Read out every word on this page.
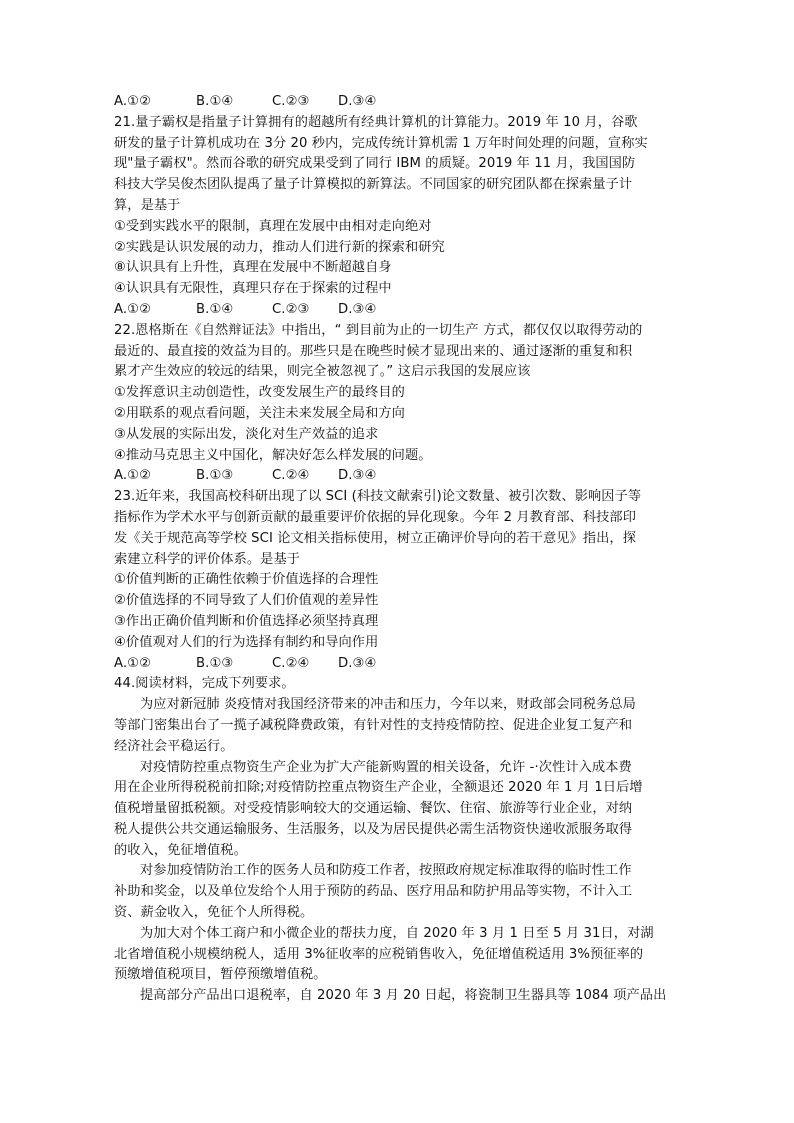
A.①②	B.①④	C.②③	D.③④
21.量子霸权是指量子计算拥有的超越所有经典计算机的计算能力。2019 年 10 月，谷歌
研发的量子计算机成功在 3分 20 秒内，完成传统计算机需 1 万年时间处理的问题，宣称实
现"量子霸权"。然而谷歌的研究成果受到了同行 IBM 的质疑。2019 年 11 月，我国国防
科技大学吴俊杰团队提禹了量子计算模拟的新算法。不同国家的研究团队都在探索量子计
算，是基于
①受到实践水平的限制，真理在发展中由相对走向绝对
②实践是认识发展的动力，推动人们进行新的探索和研究
⑧认识具有上升性，真理在发展中不断超越自身
④认识具有无限性，真理只存在于探索的过程中
A.①②	B.①④	C.②③	D.③④
22.恩格斯在《自然辩证法》中指出，“ 到目前为止的一切生产 方式，都仅仅以取得劳动的
最近的、最直接的效益为目的。那些只是在晚些时候才显现出来的、通过逐渐的重复和积
累才产生效应的较远的结果，则完全被忽视了。” 这启示我国的发展应该
①发挥意识主动创造性，改变发展生产的最终目的
②用联系的观点看问题，关注未来发展全局和方向
③从发展的实际出发，淡化对生产效益的追求
④推动马克思主义中国化，解决好怎么样发展的问题。
A.①②	B.①③	C.②④	D.③④
23.近年来，我国高校科研出现了以 SCI (科技文献索引)论文数量、被引次数、影响因子等
指标作为学术水平与创新贡献的最重要评价依据的异化现象。今年 2 月教育部、科技部印
发《关于规范高等学校 SCI 论文相关指标使用，树立正确评价导向的若干意见》指出，探
索建立科学的评价体系。是基于
①价值判断的正确性依赖于价值选择的合理性
②价值选择的不同导致了人们价值观的差异性
③作出正确价值判断和价值选择必须坚持真理
④价值观对人们的行为选择有制约和导向作用
A.①②	B.①③	C.②④	D.③④
44.阅读材料，完成下列要求。
为应对新冠肺 炎疫情对我国经济带来的冲击和压力，今年以来，财政部会同税务总局
等部门密集出台了一揽子减税降费政策，有针对性的支持疫情防控、促进企业复工复产和
经济社会平稳运行。
对疫情防控重点物资生产企业为扩大产能新购置的相关设备，允许 -·次性计入成本费
用在企业所得税税前扣除;对疫情防控重点物资生产企业，全额退还 2020 年 1 月 1日后增
值税增量留抵税额。对受疫情影响较大的交通运输、餐饮、住宿、旅游等行业企业，对纳
税人提供公共交通运输服务、生活服务，以及为居民提供必需生活物资快递收派服务取得
的收入，免征增值税。
对参加疫情防治工作的医务人员和防疫工作者，按照政府规定标准取得的临时性工作
补助和奖金，以及单位发给个人用于预防的药品、医疗用品和防护用品等实物，不计入工
资、薪金收入，免征个人所得税。
为加大对个体工商户和小微企业的帮扶力度，自 2020 年 3 月 1 日至 5 月 31日，对湖
北省增值税小规模纳税人，适用 3%征收率的应税销售收入，免征增值税适用 3%预征率的
预缴增值税项目，暂停预缴增值税。
提高部分产品出口退税率，自 2020 年 3 月 20 日起，将瓷制卫生器具等 1084 项产品出
